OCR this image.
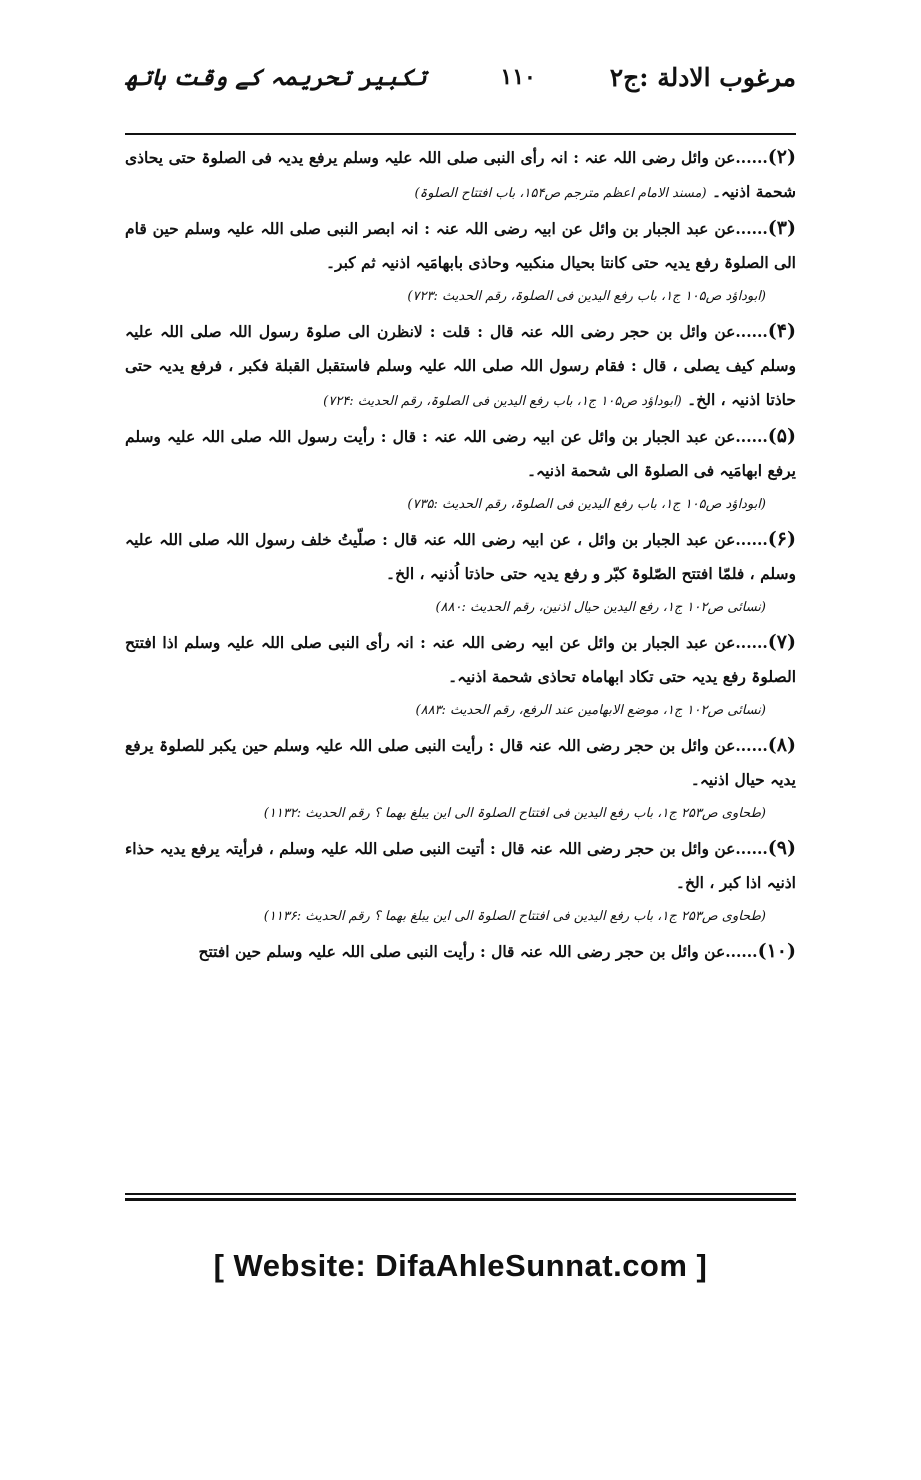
مرغوب الادلة :ج۲
۱۱۰
تکبیر تحریمہ کے وقت ہاتھ

(۲)......عن وائل رضی اللہ عنہ : انہ رأی النبی صلی اللہ علیہ وسلم یرفع یدیہ فی الصلوۃ حتی یحاذی شحمة اذنیہ۔ (مسند الامام اعظم مترجم ص۱۵۴، باب افتتاح الصلوۃ)

(۳)......عن عبد الجبار بن وائل عن ابیہ رضی اللہ عنہ : انہ ابصر النبی صلی اللہ علیہ وسلم حین قام الی الصلوۃ رفع یدیہ حتی کانتا بحیال منکبیہ وحاذی بابھامَیہ اذنیہ ثم کبر۔

(ابوداؤد ص۱۰۵ ج۱، باب رفع الیدین فی الصلوۃ، رقم الحدیث :۷۲۳)

(۴)......عن وائل بن حجر رضی اللہ عنہ قال : قلت : لانظرن الی صلوۃ رسول اللہ صلی اللہ علیہ وسلم کیف یصلی ، قال : فقام رسول اللہ صلی اللہ علیہ وسلم فاستقبل القبلة فکبر ، فرفع یدیہ حتی حاذتا اذنیہ ، الخ۔ (ابوداؤد ص۱۰۵ ج۱، باب رفع الیدین فی الصلوۃ، رقم الحدیث :۷۲۴)

(۵)......عن عبد الجبار بن وائل عن ابیہ رضی اللہ عنہ : قال : رأیت رسول اللہ صلی اللہ علیہ وسلم یرفع ابھامَیہ فی الصلوۃ الی شحمة اذنیہ۔

(ابوداؤد ص۱۰۵ ج۱، باب رفع الیدین فی الصلوۃ، رقم الحدیث :۷۳۵)

(۶)......عن عبد الجبار بن وائل ، عن ابیہ رضی اللہ عنہ قال : صلّیتُ خلف رسول اللہ صلی اللہ علیہ وسلم ، فلمّا افتتح الصّلوۃ کبّر و رفع یدیہ حتی حاذتا اُذنیہ ، الخ۔

(نسائی ص۱۰۲ ج۱، رفع الیدین حیال اذنین، رقم الحدیث :۸۸۰)

(۷)......عن عبد الجبار بن وائل عن ابیہ رضی اللہ عنہ : انہ رأی النبی صلی اللہ علیہ وسلم اذا افتتح الصلوۃ رفع یدیہ حتی تکاد ابھاماہ تحاذی شحمة اذنیہ۔

(نسائی ص۱۰۲ ج۱، موضع الابھامین عند الرفع، رقم الحدیث :۸۸۳)

(۸)......عن وائل بن حجر رضی اللہ عنہ قال : رأیت النبی صلی اللہ علیہ وسلم حین یکبر للصلوۃ یرفع یدیہ حیال اذنیہ۔

(طحاوی ص۲۵۳ ج۱، باب رفع الیدین فی افتتاح الصلوۃ الی این یبلغ بھما ؟ رقم الحدیث :۱۱۳۲)

(۹)......عن وائل بن حجر رضی اللہ عنہ قال : أتیت النبی صلی اللہ علیہ وسلم ، فرأیتہ یرفع یدیہ حذاء اذنیہ اذا کبر ، الخ۔

(طحاوی ص۲۵۳ ج۱، باب رفع الیدین فی افتتاح الصلوۃ الی این یبلغ بھما ؟ رقم الحدیث :۱۱۳۶)

(۱۰)......عن وائل بن حجر رضی اللہ عنہ قال : رأیت النبی صلی اللہ علیہ وسلم حین افتتح

[ Website: DifaAhleSunnat.com ]
